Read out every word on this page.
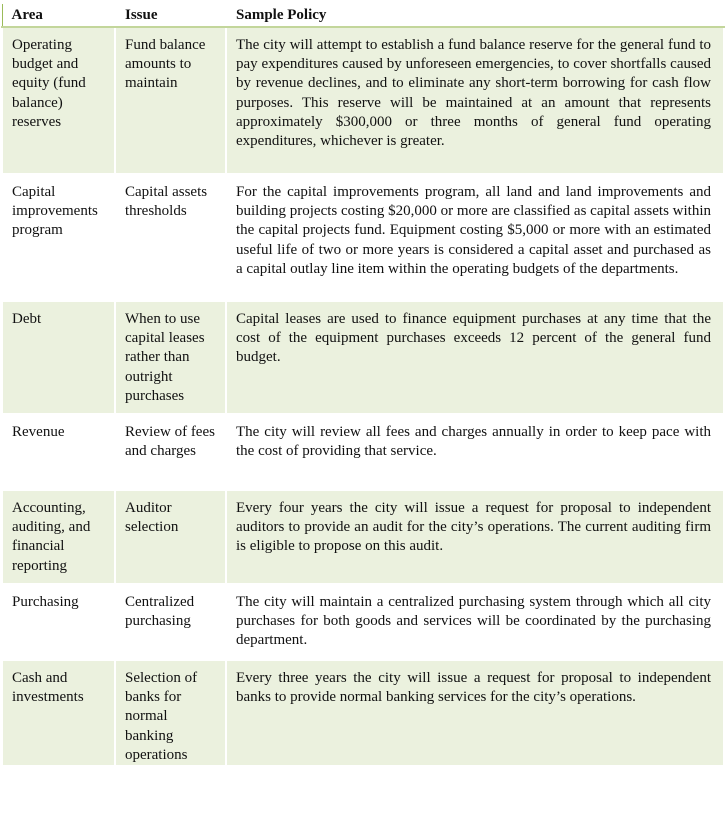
Area	Issue	Sample Policy
Operating budget and equity (fund balance) reserves	Fund balance amounts to maintain	The city will attempt to establish a fund balance reserve for the general fund to pay expenditures caused by unforeseen emergencies, to cover shortfalls caused by revenue declines, and to eliminate any short-term borrowing for cash flow purposes. This reserve will be maintained at an amount that represents approximately $300,000 or three months of general fund operating expenditures, whichever is greater.
Capital improvements program	Capital assets thresholds	For the capital improvements program, all land and land improvements and building projects costing $20,000 or more are classified as capital assets within the capital projects fund. Equipment costing $5,000 or more with an estimated useful life of two or more years is considered a capital asset and purchased as a capital outlay line item within the operating budgets of the departments.
Debt	When to use capital leases rather than outright purchases	Capital leases are used to finance equipment purchases at any time that the cost of the equipment purchases exceeds 12 percent of the general fund budget.
Revenue	Review of fees and charges	The city will review all fees and charges annually in order to keep pace with the cost of providing that service.
Accounting, auditing, and financial reporting	Auditor selection	Every four years the city will issue a request for proposal to independent auditors to provide an audit for the city’s operations. The current auditing firm is eligible to propose on this audit.
Purchasing	Centralized purchasing	The city will maintain a centralized purchasing system through which all city purchases for both goods and services will be coordinated by the purchasing department.
Cash and investments	Selection of banks for normal banking operations	Every three years the city will issue a request for proposal to independent banks to provide normal banking services for the city’s operations.
